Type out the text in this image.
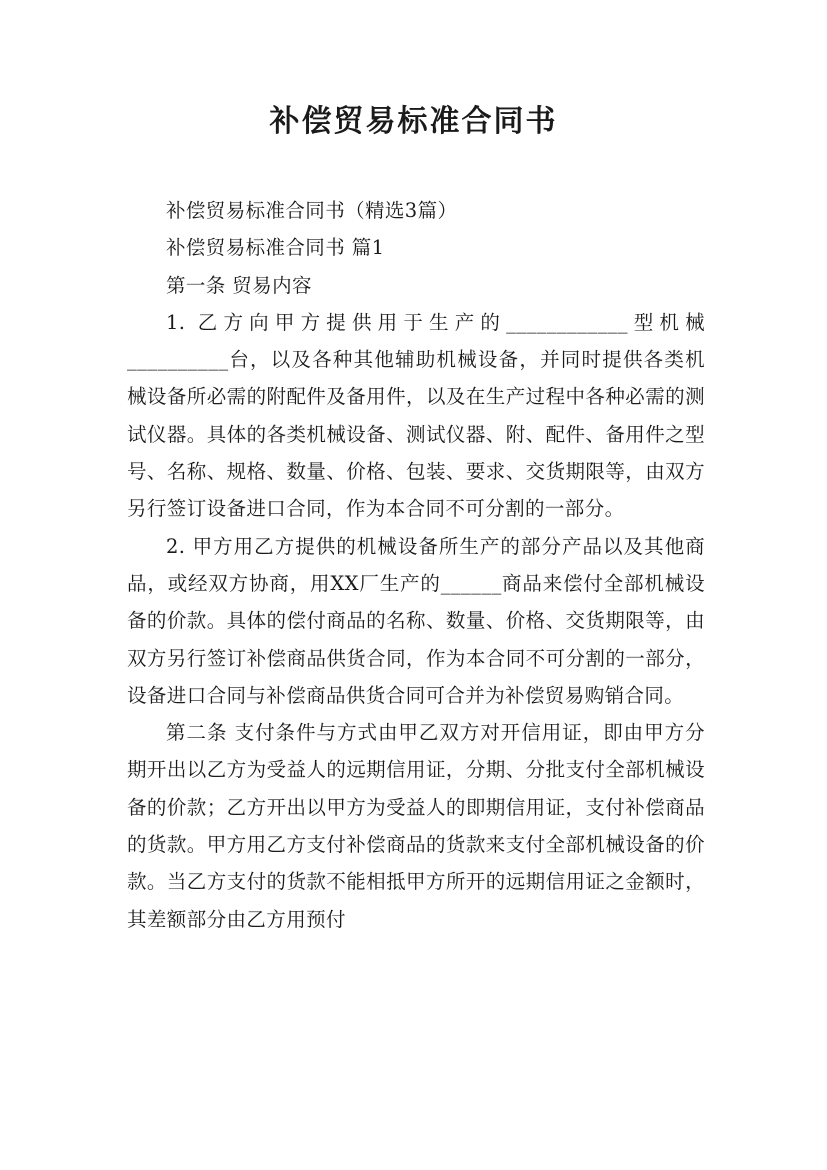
补偿贸易标准合同书

补偿贸易标准合同书（精选3篇）

补偿贸易标准合同书 篇1

第一条 贸易内容

1. 乙方向甲方提供用于生产的____________型机械__________台，以及各种其他辅助机械设备，并同时提供各类机械设备所必需的附配件及备用件，以及在生产过程中各种必需的测试仪器。具体的各类机械设备、测试仪器、附、配件、备用件之型号、名称、规格、数量、价格、包装、要求、交货期限等，由双方另行签订设备进口合同，作为本合同不可分割的一部分。

2. 甲方用乙方提供的机械设备所生产的部分产品以及其他商品，或经双方协商，用XX厂生产的______商品来偿付全部机械设备的价款。具体的偿付商品的名称、数量、价格、交货期限等，由双方另行签订补偿商品供货合同，作为本合同不可分割的一部分，设备进口合同与补偿商品供货合同可合并为补偿贸易购销合同。

第二条 支付条件与方式由甲乙双方对开信用证，即由甲方分期开出以乙方为受益人的远期信用证，分期、分批支付全部机械设备的价款；乙方开出以甲方为受益人的即期信用证，支付补偿商品的货款。甲方用乙方支付补偿商品的货款来支付全部机械设备的价款。当乙方支付的货款不能相抵甲方所开的远期信用证之金额时，其差额部分由乙方用预付
